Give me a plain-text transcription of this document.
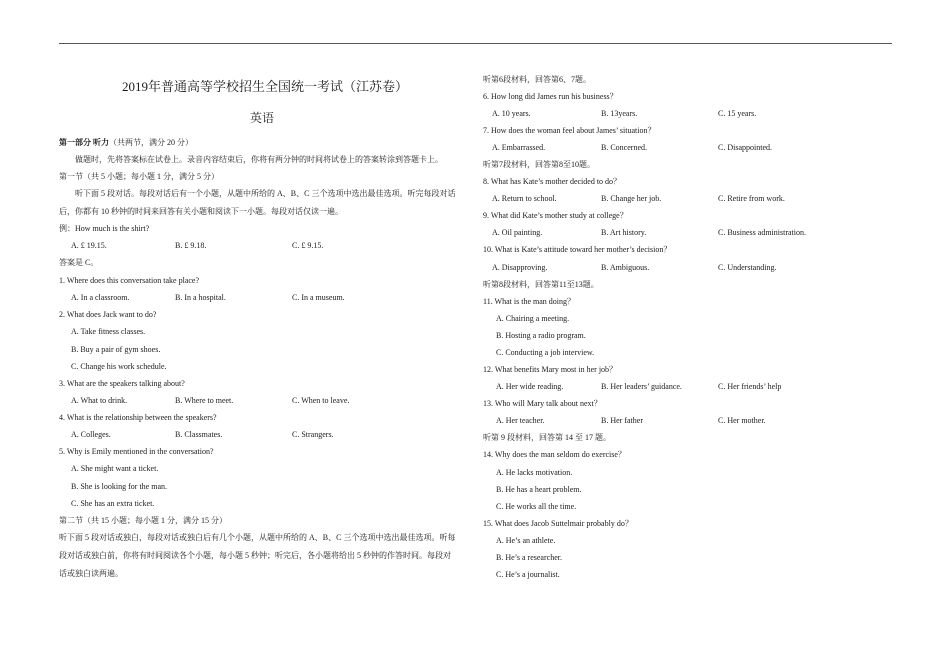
2019年普通高等学校招生全国统一考试（江苏卷）
英语
第一部分 听力（共两节，满分 20 分）
做题时，先将答案标在试卷上。录音内容结束后，你将有两分钟的时间将试卷上的答案转涂到答题卡上。
第一节（共 5 小题；每小题 1 分，满分 5 分）
听下面 5 段对话。每段对话后有一个小题，从题中所给的 A、B、C 三个选项中选出最佳选项。听完每段对话
后，你都有 10 秒钟的时间来回答有关小题和阅读下一小题。每段对话仅读一遍。
例：How much is the shirt?
A. £ 19.15.	B. £ 9.18.	C. £ 9.15.
答案是 C。
1. Where does this conversation take place?
A. In a classroom.	B. In a hospital.	C. In a museum.
2. What does Jack want to do?
A. Take fitness classes.
B. Buy a pair of gym shoes.
C. Change his work schedule.
3. What are the speakers talking about?
A. What to drink.	B. Where to meet.	C. When to leave.
4. What is the relationship between the speakers?
A. Colleges.	B. Classmates.	C. Strangers.
5. Why is Emily mentioned in the conversation?
A. She might want a ticket.
B. She is looking for the man.
C. She has an extra ticket.
第二节（共 15 小题；每小题 1 分，满分 15 分）
听下面 5 段对话或独白，每段对话或独白后有几个小题，从题中所给的 A、B、C 三个选项中选出最佳选项。听每
段对话或独白前，你将有时间阅读各个小题，每小题 5 秒钟；听完后，各小题将给出 5 秒钟的作答时间。每段对
话或独白读两遍。
听第6段材料，回答第6、7题。
6. How long did James run his business？
A. 10 years.	B. 13years.	C. 15 years.
7. How does the woman feel about James’ situation？
A. Embarrassed.	B. Concerned.	C. Disappointed.
听第7段材料，回答第8至10题。
8. What has Kate’s mother decided to do？
A. Return to school.	B. Change her job.	C. Retire from work.
9. What did Kate’s mother study at college？
A. Oil painting.	B. Art history.	C. Business administration.
10. What is Kate’s attitude toward her mother’s decision？
A. Disapproving.	B. Ambiguous.	C. Understanding.
听第8段材料，回答第11至13题。
11. What is the man doing？
A. Chairing a meeting.
B. Hosting a radio program.
C. Conducting a job interview.
12. What benefits Mary most in her job？
A. Her wide reading.	B. Her leaders’ guidance.	C. Her friends’ help
13. Who will Mary talk about next？
A. Her teacher.	B. Her father	C. Her mother.
听第 9 段材料，回答第 14 至 17 题。
14. Why does the man seldom do exercise？
A. He lacks motivation.
B. He has a heart problem.
C. He works all the time.
15. What does Jacob Suttelmair probably do？
A. He’s an athlete.
B. He’s a researcher.
C. He’s a journalist.
